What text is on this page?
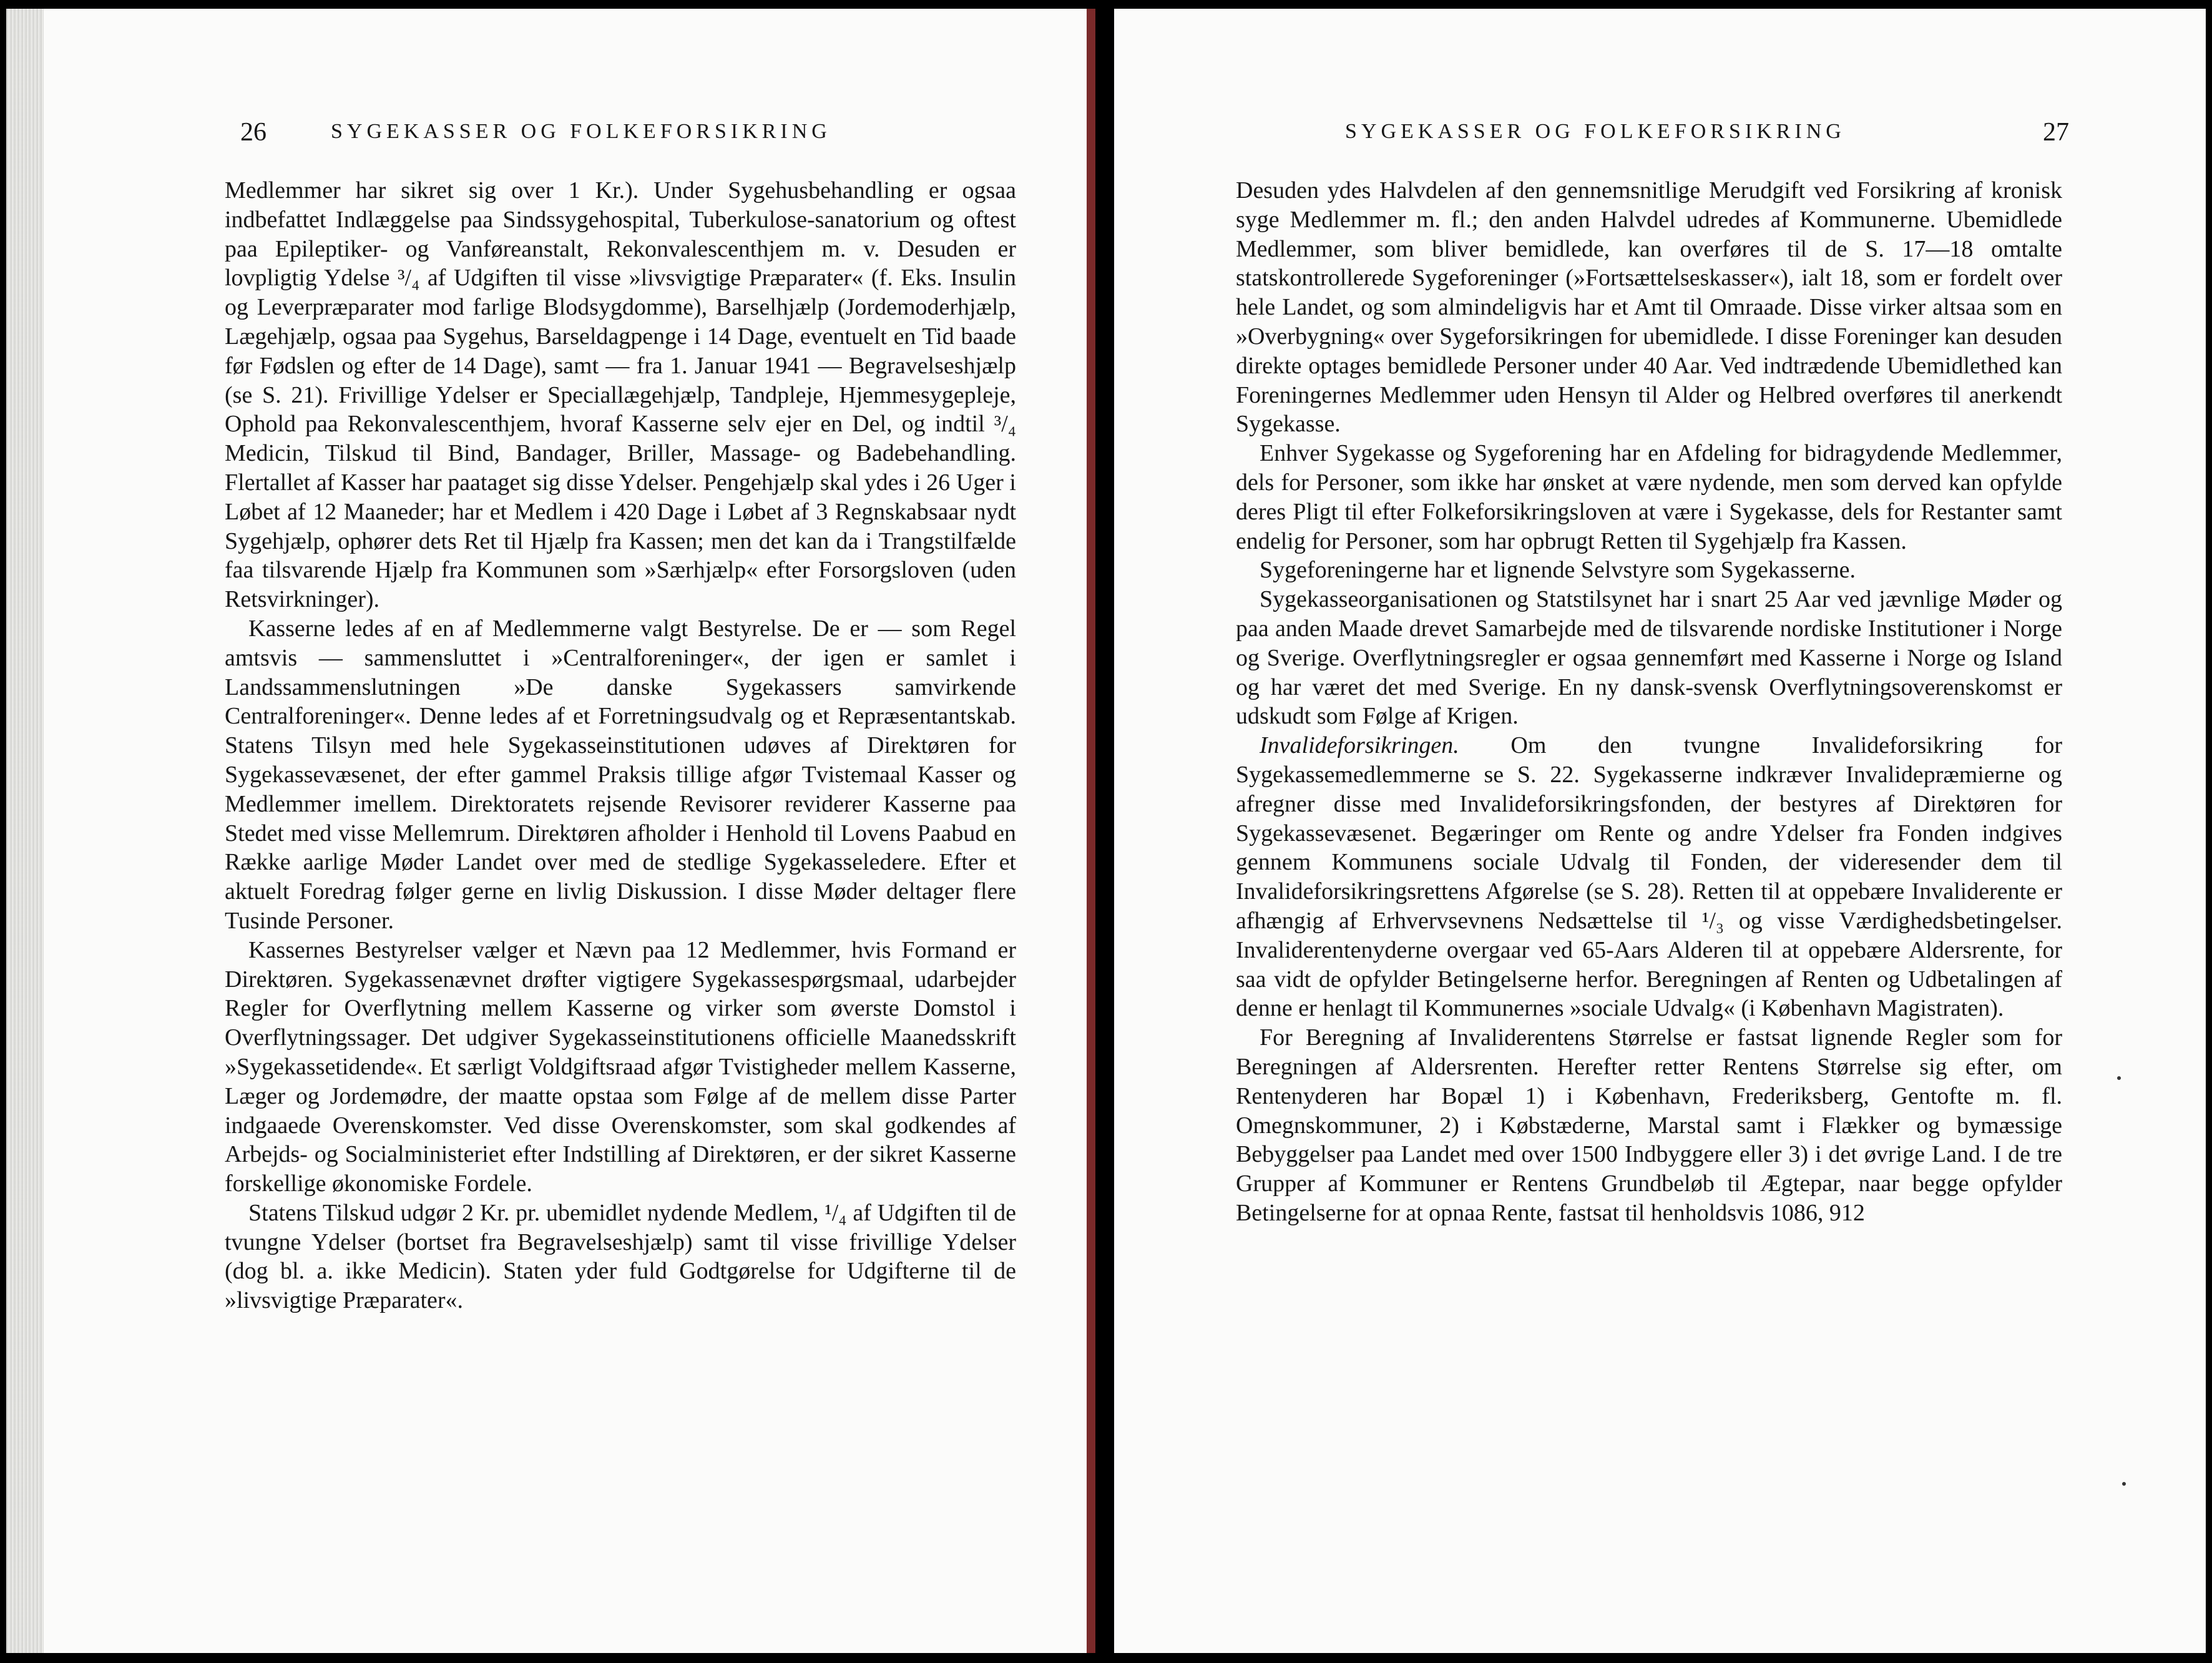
26	SYGEKASSER OG FOLKEFORSIKRING

Medlemmer har sikret sig over 1 Kr.). Under Sygehusbehandling er ogsaa indbefattet Indlæggelse paa Sindssygehospital, Tuberkulose-sanatorium og oftest paa Epileptiker- og Vanføreanstalt, Rekonvalescenthjem m. v. Desuden er lovpligtig Ydelse ³/₄ af Udgiften til visse »livsvigtige Præparater« (f. Eks. Insulin og Leverpræparater mod farlige Blodsygdomme), Barselhjælp (Jordemoderhjælp, Lægehjælp, ogsaa paa Sygehus, Barseldagpenge i 14 Dage, eventuelt en Tid baade før Fødslen og efter de 14 Dage), samt — fra 1. Januar 1941 — Begravelseshjælp (se S. 21). Frivillige Ydelser er Speciallægehjælp, Tandpleje, Hjemmesygepleje, Ophold paa Rekonvalescenthjem, hvoraf Kasserne selv ejer en Del, og indtil ³/₄ Medicin, Tilskud til Bind, Bandager, Briller, Massage- og Badebehandling. Flertallet af Kasser har paataget sig disse Ydelser. Pengehjælp skal ydes i 26 Uger i Løbet af 12 Maaneder; har et Medlem i 420 Dage i Løbet af 3 Regnskabsaar nydt Sygehjælp, ophører dets Ret til Hjælp fra Kassen; men det kan da i Trangstilfælde faa tilsvarende Hjælp fra Kommunen som »Særhjælp« efter Forsorgsloven (uden Retsvirkninger).

Kasserne ledes af en af Medlemmerne valgt Bestyrelse. De er — som Regel amtsvis — sammensluttet i »Centralforeninger«, der igen er samlet i Landssammenslutningen »De danske Sygekassers samvirkende Centralforeninger«. Denne ledes af et Forretningsudvalg og et Repræsentantskab. Statens Tilsyn med hele Sygekasseinstitutionen udøves af Direktøren for Sygekassevæsenet, der efter gammel Praksis tillige afgør Tvistemaal Kasser og Medlemmer imellem. Direktoratets rejsende Revisorer reviderer Kasserne paa Stedet med visse Mellemrum. Direktøren afholder i Henhold til Lovens Paabud en Række aarlige Møder Landet over med de stedlige Sygekasseledere. Efter et aktuelt Foredrag følger gerne en livlig Diskussion. I disse Møder deltager flere Tusinde Personer.

Kassernes Bestyrelser vælger et Nævn paa 12 Medlemmer, hvis Formand er Direktøren. Sygekassenævnet drøfter vigtigere Sygekassespørgsmaal, udarbejder Regler for Overflytning mellem Kasserne og virker som øverste Domstol i Overflytningssager. Det udgiver Sygekasseinstitutionens officielle Maanedsskrift »Sygekassetidende«. Et særligt Voldgiftsraad afgør Tvistigheder mellem Kasserne, Læger og Jordemødre, der maatte opstaa som Følge af de mellem disse Parter indgaaede Overenskomster. Ved disse Overenskomster, som skal godkendes af Arbejds- og Socialministeriet efter Indstilling af Direktøren, er der sikret Kasserne forskellige økonomiske Fordele.

Statens Tilskud udgør 2 Kr. pr. ubemidlet nydende Medlem, ¹/₄ af Udgiften til de tvungne Ydelser (bortset fra Begravelseshjælp) samt til visse frivillige Ydelser (dog bl. a. ikke Medicin). Staten yder fuld Godtgørelse for Udgifterne til de »livsvigtige Præparater«.

SYGEKASSER OG FOLKEFORSIKRING	27

Desuden ydes Halvdelen af den gennemsnitlige Merudgift ved Forsikring af kronisk syge Medlemmer m. fl.; den anden Halvdel udredes af Kommunerne. Ubemidlede Medlemmer, som bliver bemidlede, kan overføres til de S. 17—18 omtalte statskontrollerede Sygeforeninger (»Fortsættelseskasser«), ialt 18, som er fordelt over hele Landet, og som almindeligvis har et Amt til Omraade. Disse virker altsaa som en »Overbygning« over Sygeforsikringen for ubemidlede. I disse Foreninger kan desuden direkte optages bemidlede Personer under 40 Aar. Ved indtrædende Ubemidlethed kan Foreningernes Medlemmer uden Hensyn til Alder og Helbred overføres til anerkendt Sygekasse.

Enhver Sygekasse og Sygeforening har en Afdeling for bidragydende Medlemmer, dels for Personer, som ikke har ønsket at være nydende, men som derved kan opfylde deres Pligt til efter Folkeforsikringsloven at være i Sygekasse, dels for Restanter samt endelig for Personer, som har opbrugt Retten til Sygehjælp fra Kassen.

Sygeforeningerne har et lignende Selvstyre som Sygekasserne.

Sygekasseorganisationen og Statstilsynet har i snart 25 Aar ved jævnlige Møder og paa anden Maade drevet Samarbejde med de tilsvarende nordiske Institutioner i Norge og Sverige. Overflytningsregler er ogsaa gennemført med Kasserne i Norge og Island og har været det med Sverige. En ny dansk-svensk Overflytningsoverenskomst er udskudt som Følge af Krigen.

Invalideforsikringen. Om den tvungne Invalideforsikring for Sygekassemedlemmerne se S. 22. Sygekasserne indkræver Invalidepræmierne og afregner disse med Invalideforsikringsfonden, der bestyres af Direktøren for Sygekassevæsenet. Begæringer om Rente og andre Ydelser fra Fonden indgives gennem Kommunens sociale Udvalg til Fonden, der videresender dem til Invalideforsikringsrettens Afgørelse (se S. 28). Retten til at oppebære Invaliderente er afhængig af Erhvervsevnens Nedsættelse til ¹/₃ og visse Værdighedsbetingelser. Invaliderentenyderne overgaar ved 65-Aars Alderen til at oppebære Aldersrente, for saa vidt de opfylder Betingelserne herfor. Beregningen af Renten og Udbetalingen af denne er henlagt til Kommunernes »sociale Udvalg« (i København Magistraten).

For Beregning af Invaliderentens Størrelse er fastsat lignende Regler som for Beregningen af Aldersrenten. Herefter retter Rentens Størrelse sig efter, om Rentenyderen har Bopæl 1) i København, Frederiksberg, Gentofte m. fl. Omegnskommuner, 2) i Købstæderne, Marstal samt i Flækker og bymæssige Bebyggelser paa Landet med over 1500 Indbyggere eller 3) i det øvrige Land. I de tre Grupper af Kommuner er Rentens Grundbeløb til Ægtepar, naar begge opfylder Betingelserne for at opnaa Rente, fastsat til henholdsvis 1086, 912
